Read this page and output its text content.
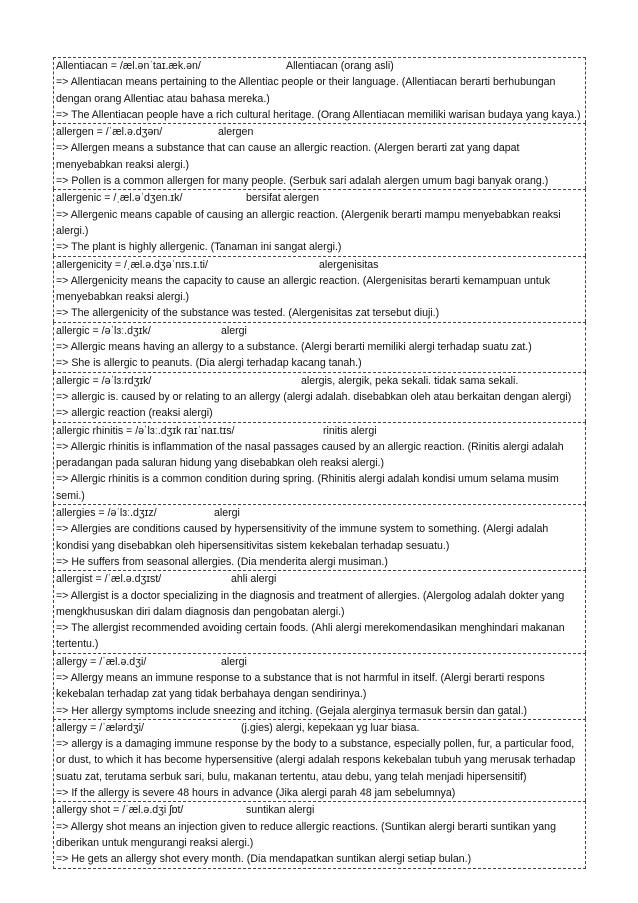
Allentiacan = /æl.ənˈtaɪ.æk.ən/	Allentiacan (orang asli)
=> Allentiacan means pertaining to the Allentiac people or their language. (Allentiacan berarti berhubungan dengan orang Allentiac atau bahasa mereka.)
=> The Allentiacan people have a rich cultural heritage. (Orang Allentiacan memiliki warisan budaya yang kaya.)
allergen = /ˈæl.ə.dʒən/	alergen
=> Allergen means a substance that can cause an allergic reaction. (Alergen berarti zat yang dapat menyebabkan reaksi alergi.)
=> Pollen is a common allergen for many people. (Serbuk sari adalah alergen umum bagi banyak orang.)
allergenic = /ˌæl.əˈdʒen.ɪk/	bersifat alergen
=> Allergenic means capable of causing an allergic reaction. (Alergenik berarti mampu menyebabkan reaksi alergi.)
=> The plant is highly allergenic. (Tanaman ini sangat alergi.)
allergenicity = /ˌæl.ə.dʒəˈnɪs.ɪ.ti/	alergenisitas
=> Allergenicity means the capacity to cause an allergic reaction. (Alergenisitas berarti kemampuan untuk menyebabkan reaksi alergi.)
=> The allergenicity of the substance was tested. (Alergenisitas zat tersebut diuji.)
allergic = /əˈlɜː.dʒɪk/	alergi
=> Allergic means having an allergy to a substance. (Alergi berarti memiliki alergi terhadap suatu zat.)
=> She is allergic to peanuts. (Dia alergi terhadap kacang tanah.)
allergic = /əˈlɜːrdʒɪk/	alergis, alergik, peka sekali. tidak sama sekali.
=> allergic is. caused by or relating to an allergy (alergi adalah. disebabkan oleh atau berkaitan dengan alergi)
=> allergic reaction (reaksi alergi)
allergic rhinitis = /əˈlɜː.dʒɪk raɪˈnaɪ.tɪs/	rinitis alergi
=> Allergic rhinitis is inflammation of the nasal passages caused by an allergic reaction. (Rinitis alergi adalah peradangan pada saluran hidung yang disebabkan oleh reaksi alergi.)
=> Allergic rhinitis is a common condition during spring. (Rhinitis alergi adalah kondisi umum selama musim semi.)
allergies = /əˈlɜː.dʒɪz/	alergi
=> Allergies are conditions caused by hypersensitivity of the immune system to something. (Alergi adalah kondisi yang disebabkan oleh hipersensitivitas sistem kekebalan terhadap sesuatu.)
=> He suffers from seasonal allergies. (Dia menderita alergi musiman.)
allergist = /ˈæl.ə.dʒɪst/	ahli alergi
=> Allergist is a doctor specializing in the diagnosis and treatment of allergies. (Alergolog adalah dokter yang mengkhususkan diri dalam diagnosis dan pengobatan alergi.)
=> The allergist recommended avoiding certain foods. (Ahli alergi merekomendasikan menghindari makanan tertentu.)
allergy = /ˈæl.ə.dʒi/	alergi
=> Allergy means an immune response to a substance that is not harmful in itself. (Alergi berarti respons kekebalan terhadap zat yang tidak berbahaya dengan sendirinya.)
=> Her allergy symptoms include sneezing and itching. (Gejala alerginya termasuk bersin dan gatal.)
allergy = /ˈælərdʒi/	(j.gies) alergi, kepekaan yg luar biasa.
=> allergy is a damaging immune response by the body to a substance, especially pollen, fur, a particular food, or dust, to which it has become hypersensitive (alergi adalah respons kekebalan tubuh yang merusak terhadap suatu zat, terutama serbuk sari, bulu, makanan tertentu, atau debu, yang telah menjadi hipersensitif)
=> If the allergy is severe 48 hours in advance (Jika alergi parah 48 jam sebelumnya)
allergy shot = /ˈæl.ə.dʒi ʃɒt/	suntikan alergi
=> Allergy shot means an injection given to reduce allergic reactions. (Suntikan alergi berarti suntikan yang diberikan untuk mengurangi reaksi alergi.)
=> He gets an allergy shot every month. (Dia mendapatkan suntikan alergi setiap bulan.)
